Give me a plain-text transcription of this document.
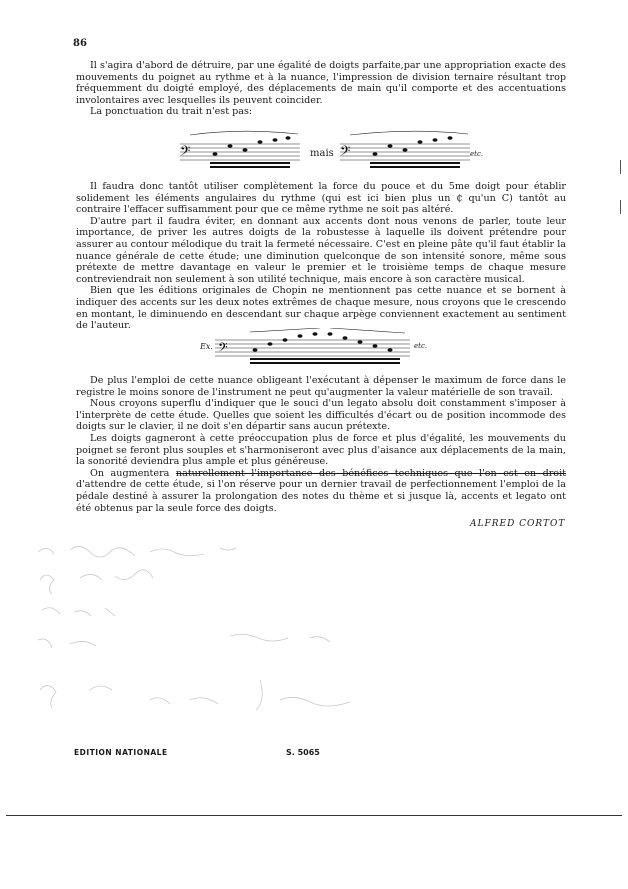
86

Il s'agira d'abord de détruire, par une égalité de doigts parfaite,par une appropriation exacte des mouvements du poignet au rythme et à la nuance, l'impression de division ternaire résultant trop fréquemment du doigté employé, des déplacements de main qu'il comporte et des accentuations involontaires avec lesquelles ils peuvent coincider.

La ponctuation du trait n'est pas:

𝄢	𝄢
mais	etc.

Il faudra donc tantôt utiliser complètement la force du pouce et du 5me doigt pour établir solidement les éléments angulaires du rythme (qui est ici bien plus un ₵ qu'un C) tantôt au contraire l'effacer suffisamment pour que ce même rythme ne soit pas altéré.

D'autre part il faudra éviter, en donnant aux accents dont nous venons de parler, toute leur importance, de priver les autres doigts de la robustesse à laquelle ils doivent prétendre pour assurer au contour mélodique du trait la fermeté nécessaire. C'est en pleine pâte qu'il faut établir la nuance générale de cette étude; une diminution quelconque de son intensité sonore, même sous prétexte de mettre davantage en valeur le premier et le troisième temps de chaque mesure contreviendrait non seulement à son utilité technique, mais encore à son caractère musical.

Bien que les éditions originales de Chopin ne mentionnent pas cette nuance et se bornent à indiquer des accents sur les deux notes extrêmes de chaque mesure, nous croyons que le crescendo en montant, le diminuendo en descendant sur chaque arpège conviennent exactement au sentiment de l'auteur.

𝄢
Ex.	etc.

De plus l'emploi de cette nuance obligeant l'exécutant à dépenser le maximum de force dans le registre le moins sonore de l'instrument ne peut qu'augmenter la valeur matérielle de son travail.

Nous croyons superflu d'indiquer que le souci d'un legato absolu doit constamment s'imposer à l'interprète de cette étude. Quelles que soient les difficultés d'écart ou de position incommode des doigts sur le clavier, il ne doit s'en départir sans aucun prétexte.

Les doigts gagneront à cette préoccupation plus de force et plus d'égalité, les mouvements du poignet se feront plus souples et s'harmoniseront avec plus d'aisance aux déplacements de la main, la sonorité deviendra plus ample et plus généreuse.

On augmentera naturellement l'importance des bénéfices techniques que l'on est en droit d'attendre de cette étude, si l'on réserve pour un dernier travail de perfectionnement l'emploi de la pédale destiné à assurer la prolongation des notes du thème et si jusque là, accents et legato ont été obtenus par la seule force des doigts.

ALFRED CORTOT
EDITION NATIONALE	S. 5065
